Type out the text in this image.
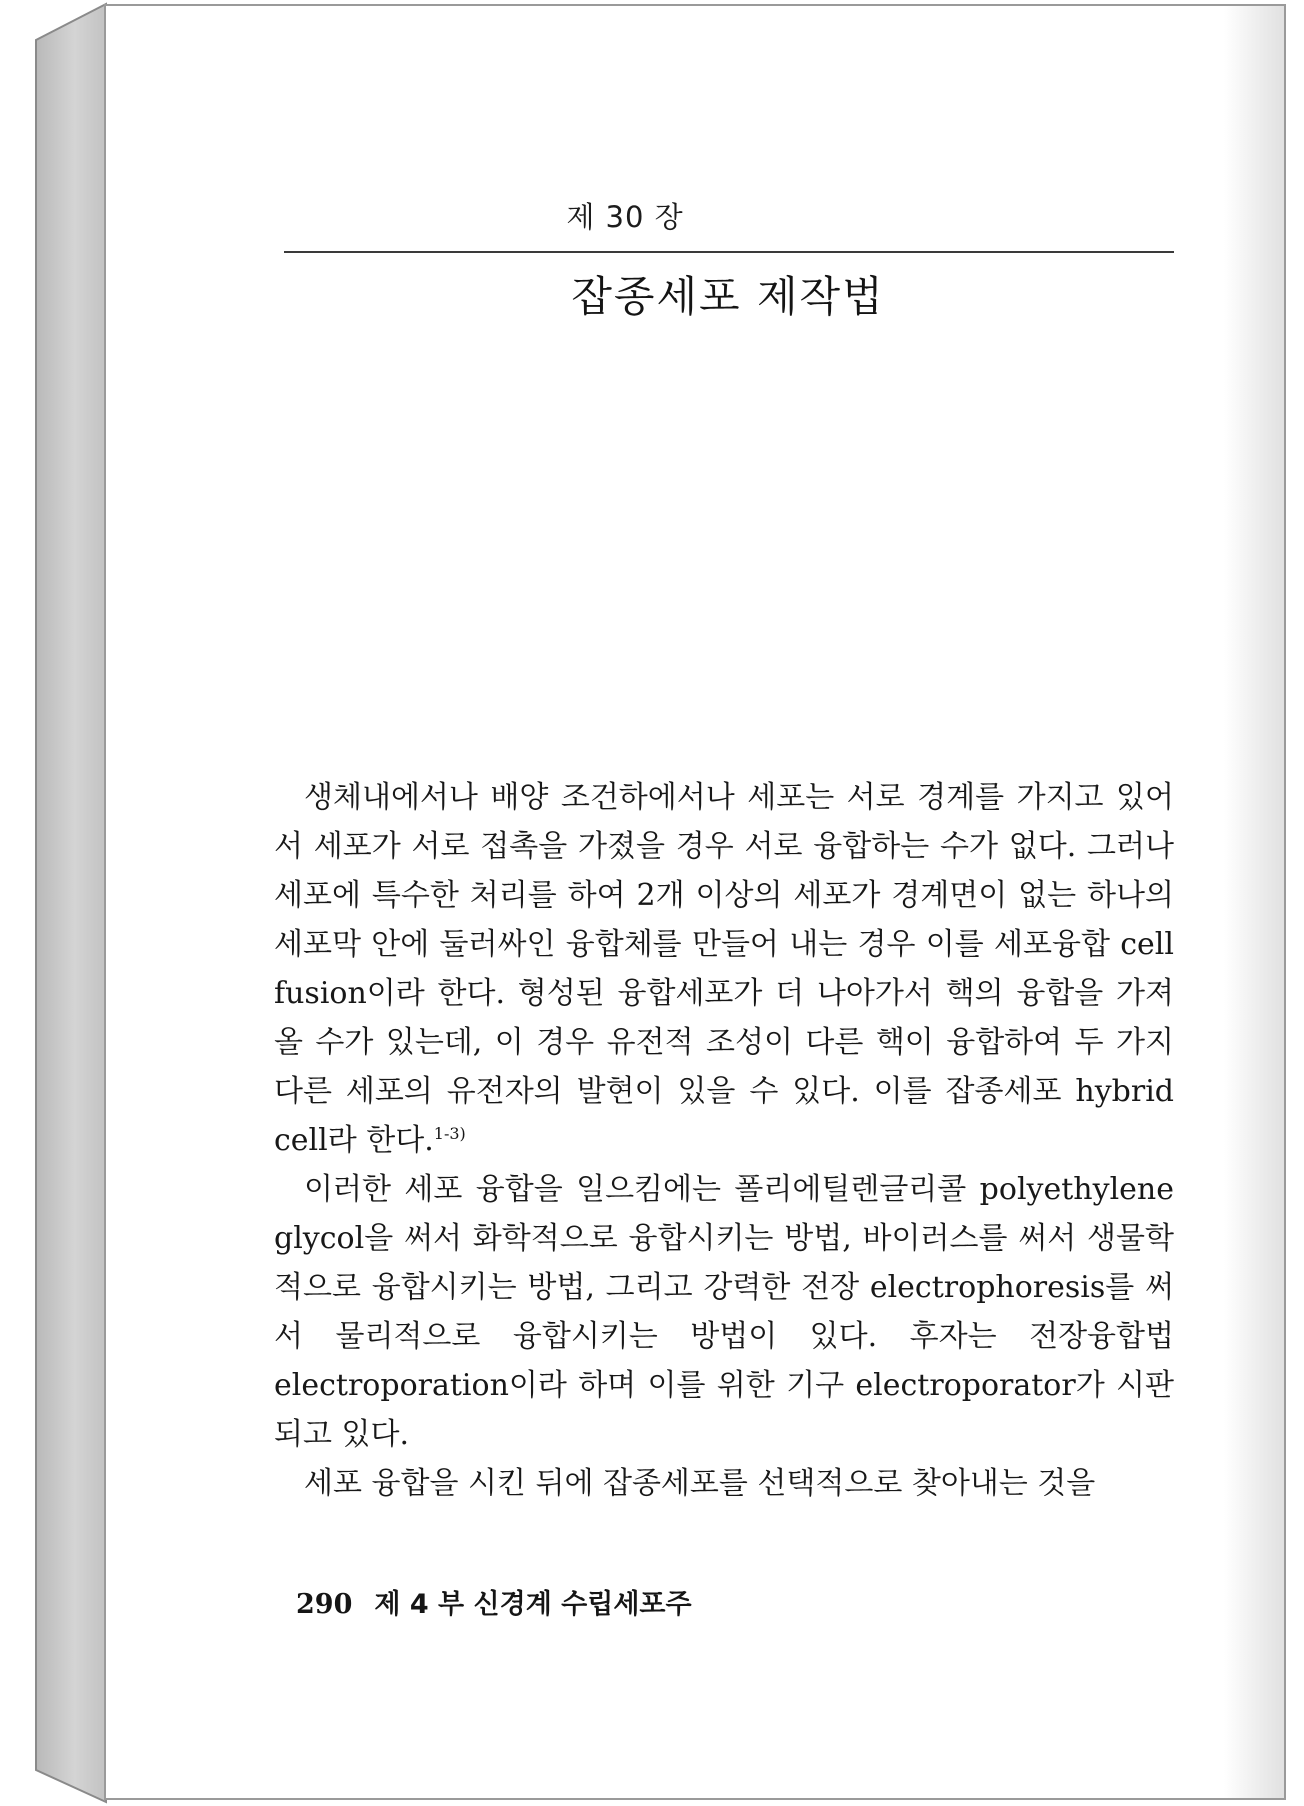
제 30 장
잡종세포 제작법

생체내에서나 배양 조건하에서나 세포는 서로 경계를 가지고 있어서 세포가 서로 접촉을 가졌을 경우 서로 융합하는 수가 없다. 그러나 세포에 특수한 처리를 하여 2개 이상의 세포가 경계면이 없는 하나의 세포막 안에 둘러싸인 융합체를 만들어 내는 경우 이를 세포융합 cell fusion이라 한다. 형성된 융합세포가 더 나아가서 핵의 융합을 가져올 수가 있는데, 이 경우 유전적 조성이 다른 핵이 융합하여 두 가지 다른 세포의 유전자의 발현이 있을 수 있다. 이를 잡종세포 hybrid cell라 한다.$^{1-3)}$

이러한 세포 융합을 일으킴에는 폴리에틸렌글리콜 polyethylene glycol을 써서 화학적으로 융합시키는 방법, 바이러스를 써서 생물학적으로 융합시키는 방법, 그리고 강력한 전장 electrophoresis를 써서 물리적으로 융합시키는 방법이 있다. 후자는 전장융합법 electroporation이라 하며 이를 위한 기구 electroporator가 시판되고 있다.

세포 융합을 시킨 뒤에 잡종세포를 선택적으로 찾아내는 것을

290 제 4 부 신경계 수립세포주
